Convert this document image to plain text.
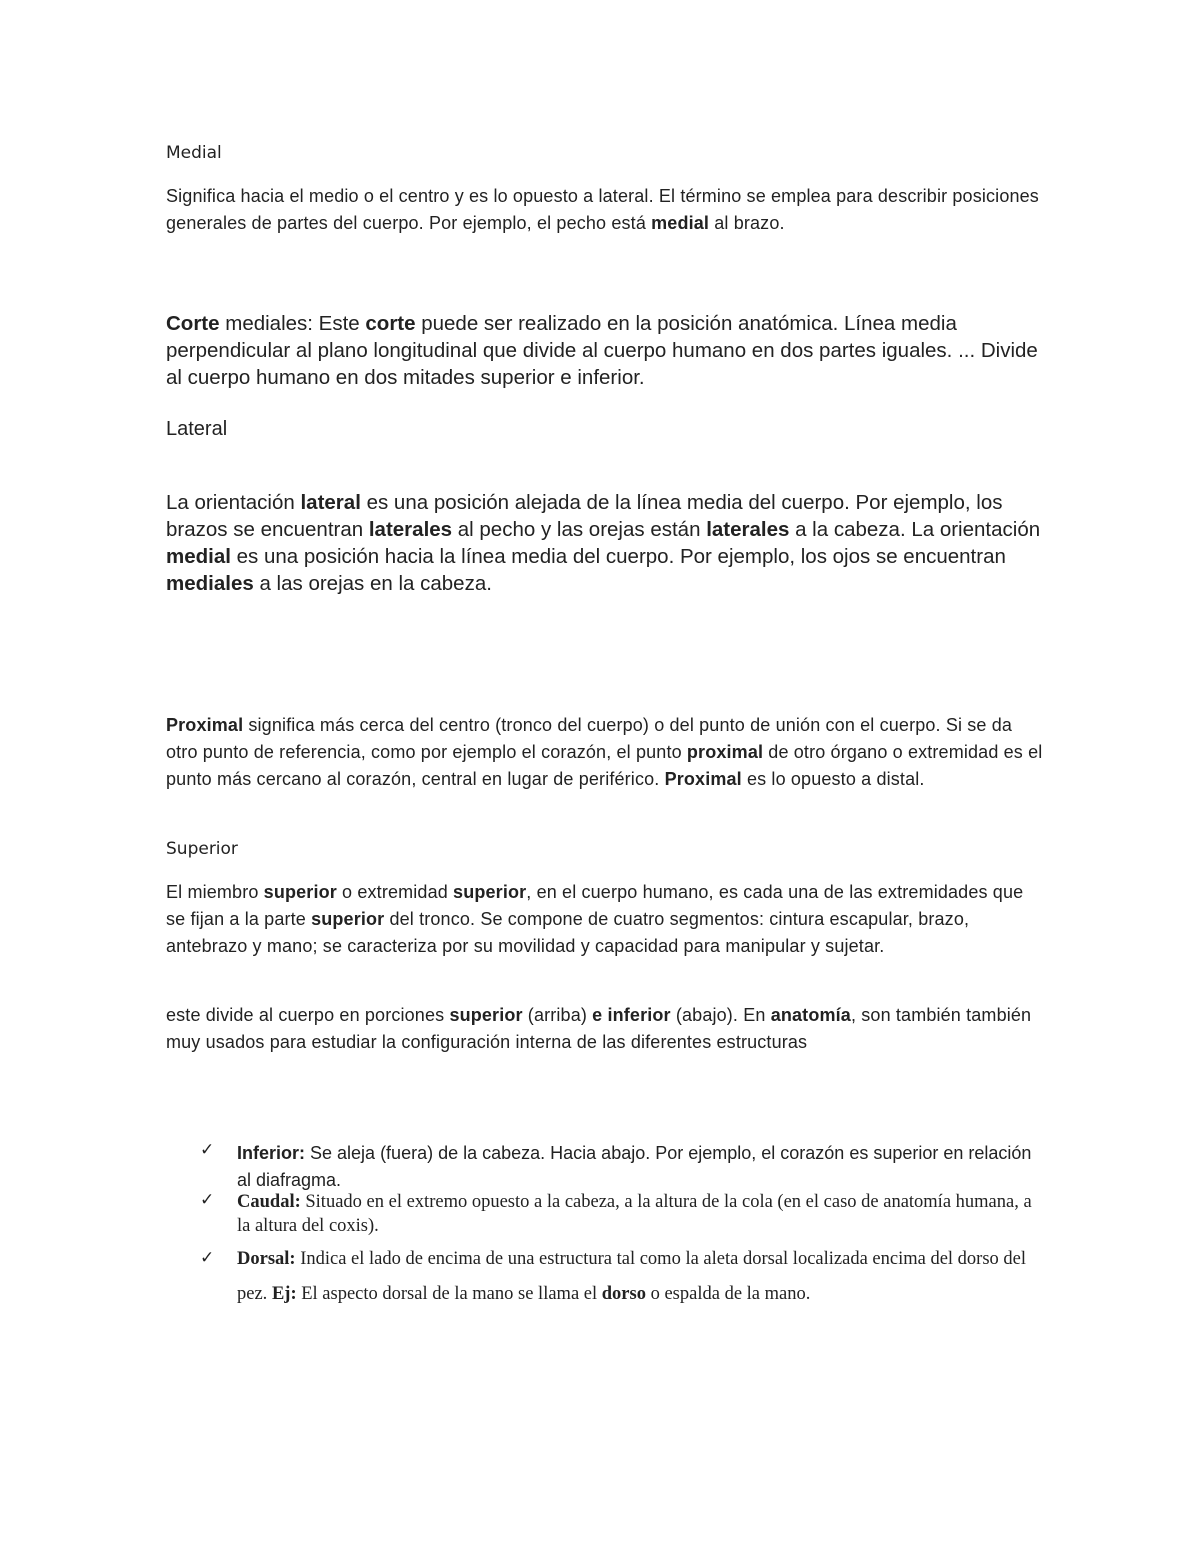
Medial

Significa hacia el medio o el centro y es lo opuesto a lateral. El término se emplea para describir posiciones generales de partes del cuerpo. Por ejemplo, el pecho está medial al brazo.

Corte mediales: Este corte puede ser realizado en la posición anatómica. Línea media perpendicular al plano longitudinal que divide al cuerpo humano en dos partes iguales. ... Divide al cuerpo humano en dos mitades superior e inferior.

Lateral

La orientación lateral es una posición alejada de la línea media del cuerpo. Por ejemplo, los brazos se encuentran laterales al pecho y las orejas están laterales a la cabeza. La orientación medial es una posición hacia la línea media del cuerpo. Por ejemplo, los ojos se encuentran mediales a las orejas en la cabeza.

Proximal significa más cerca del centro (tronco del cuerpo) o del punto de unión con el cuerpo. Si se da otro punto de referencia, como por ejemplo el corazón, el punto proximal de otro órgano o extremidad es el punto más cercano al corazón, central en lugar de periférico. Proximal es lo opuesto a distal.

Superior

El miembro superior o extremidad superior, en el cuerpo humano, es cada una de las extremidades que se fijan a la parte superior del tronco. Se compone de cuatro segmentos: cintura escapular, brazo, antebrazo y mano; se caracteriza por su movilidad y capacidad para manipular y sujetar.

este divide al cuerpo en porciones superior (arriba) e inferior (abajo). En anatomía, son también también muy usados para estudiar la configuración interna de las diferentes estructuras

✓ Inferior: Se aleja (fuera) de la cabeza. Hacia abajo. Por ejemplo, el corazón es superior en relación al diafragma.
✓ Caudal: Situado en el extremo opuesto a la cabeza, a la altura de la cola (en el caso de anatomía humana, a la altura del coxis).
✓ Dorsal: Indica el lado de encima de una estructura tal como la aleta dorsal localizada encima del dorso del pez. Ej: El aspecto dorsal de la mano se llama el dorso o espalda de la mano.
